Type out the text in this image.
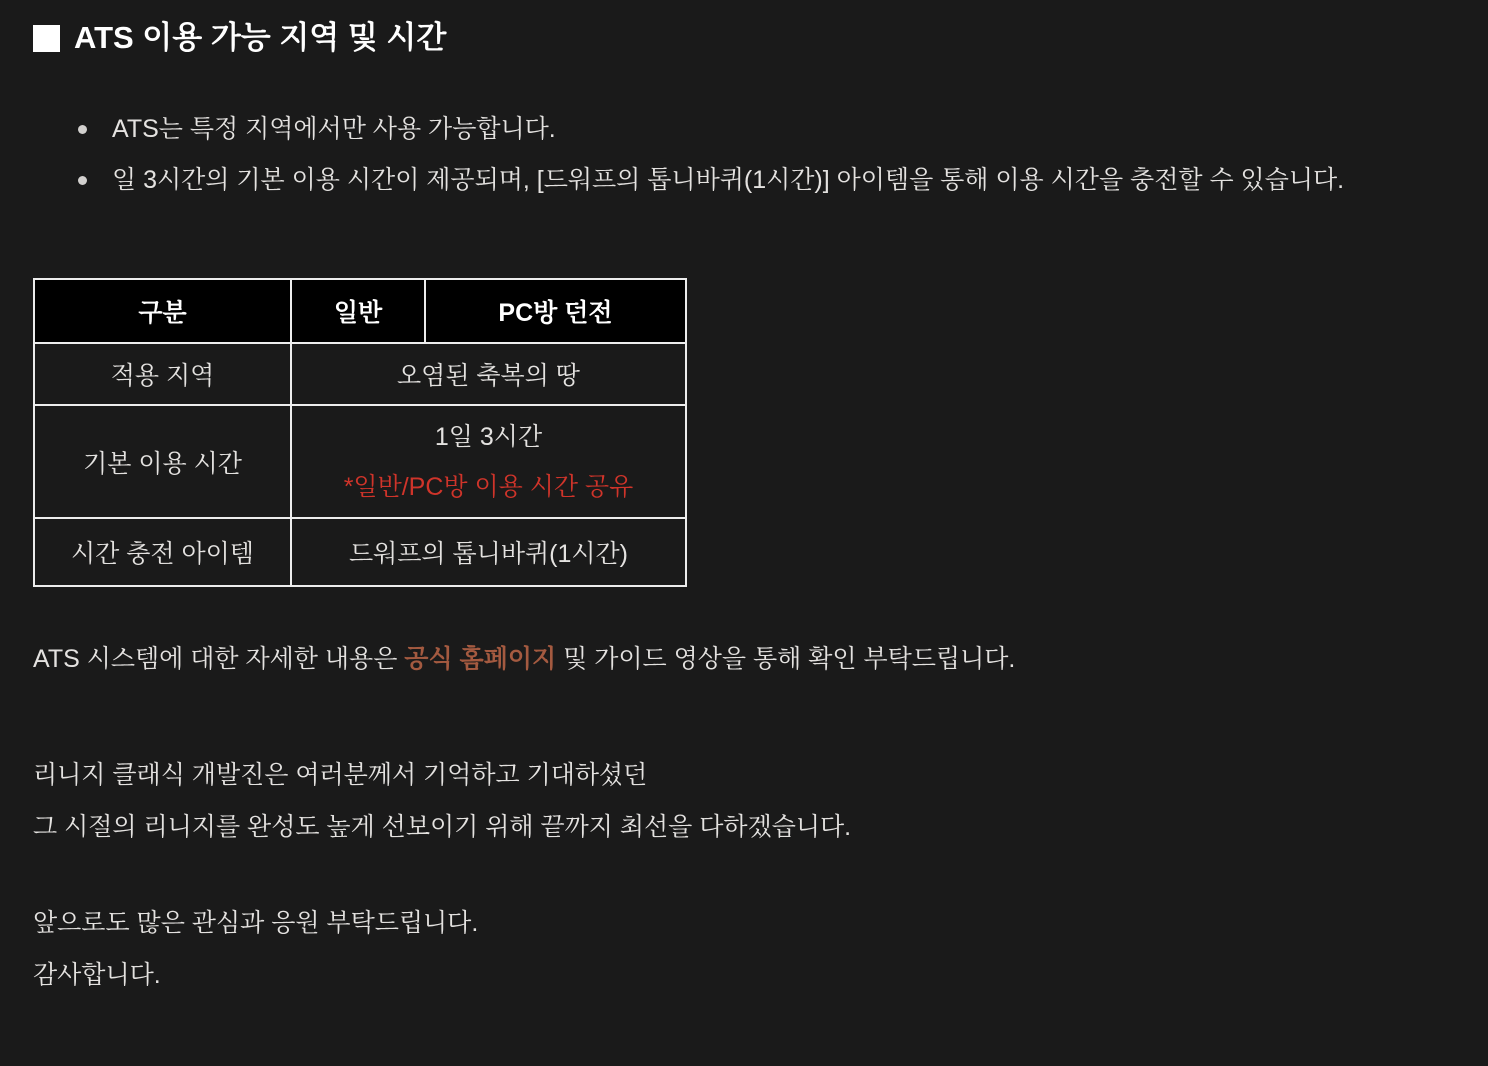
ATS 이용 가능 지역 및 시간
ATS는 특정 지역에서만 사용 가능합니다.
일 3시간의 기본 이용 시간이 제공되며, [드워프의 톱니바퀴(1시간)] 아이템을 통해 이용 시간을 충전할 수 있습니다.
구분	일반	PC방 던전
적용 지역	오염된 축복의 땅	
기본 이용 시간	1일 3시간
*일반/PC방 이용 시간 공유	

시간 충전 아이템	드워프의 톱니바퀴(1시간)	

ATS 시스템에 대한 자세한 내용은 공식 홈페이지 및 가이드 영상을 통해 확인 부탁드립니다.

리니지 클래식 개발진은 여러분께서 기억하고 기대하셨던
그 시절의 리니지를 완성도 높게 선보이기 위해 끝까지 최선을 다하겠습니다.

앞으로도 많은 관심과 응원 부탁드립니다.
감사합니다.
